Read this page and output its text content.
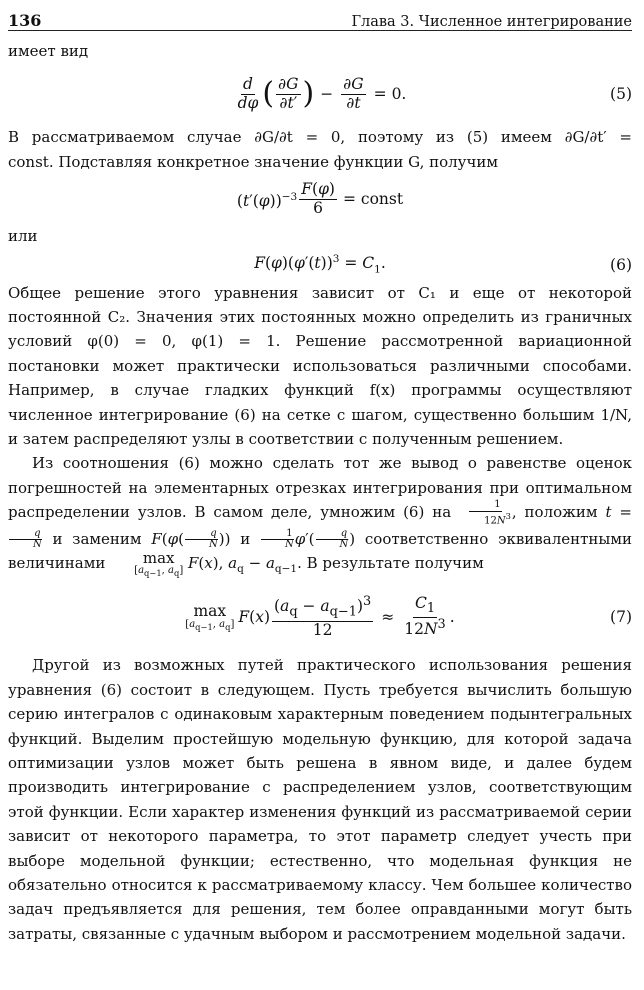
136	Глава 3. Численное интегрирование

имеет вид

$\frac{d}{d\varphi}$ ( $\frac{\partial G}{\partial t'}$ ) − $\frac{\partial G}{\partial t} = 0$.	(5)

В рассматриваемом случае ∂G/∂t = 0, поэтому из (5) имеем ∂G/∂t′ =

const. Подставляя конкретное значение функции G, получим

$(t'(\varphi))^{-3} \frac{F(\varphi)}{6}$ = const

или

$F(\varphi)(\varphi'(t))^3 = C_1$.	(6)

Общее решение этого уравнения зависит от C₁ и еще от некоторой постоянной C₂. Значения этих постоянных можно определить из граничных условий φ(0) = 0, φ(1) = 1. Решение рассмотренной вариационной постановки может практически использоваться различными способами. Например, в случае гладких функций f(x) программы осуществляют численное интегрирование (6) на сетке с шагом, существенно большим 1/N, и затем распределяют узлы в соответствии с полученным решением.

Из соотношения (6) можно сделать тот же вывод о равенстве оценок погрешностей на элементарных отрезках интегрирования при оптимальном распределении узлов. В самом деле, умножим (6) на $\frac{1}{12N^3}$ , положим t =
$\frac{q}{N}$ и заменим $F(\varphi( \frac{q}{N}$ )) и $\frac{1}{N} \varphi'( \frac{q}{N}$ ) соответственно эквивалентными величинами	max
[$a_{q-1}$, $a_q$] F(x), $a_q - a_{q-1}$. В результате получим

max
[$a_{q-1}$, $a_q$] $F(x) \frac{(a_q - a_{q-1})^3}{12} \approx \frac{C_1}{12N^3}$ .	(7)

Другой из возможных путей практического использования решения уравнения (6) состоит в следующем. Пусть требуется вычислить большую серию интегралов с одинаковым характерным поведением подынтегральных функций. Выделим простейшую модельную функцию, для которой задача оптимизации узлов может быть решена в явном виде, и далее будем производить интегрирование с распределением узлов, соответствующим этой функции. Если характер изменения функций из рассматриваемой серии зависит от некоторого параметра, то этот параметр следует учесть при выборе модельной функции; естественно, что модельная функция не обязательно относится к рассматриваемому классу. Чем большее количество задач предъявляется для решения, тем более оправданными могут быть затраты, связанные с удачным выбором и рассмотрением модельной задачи.
